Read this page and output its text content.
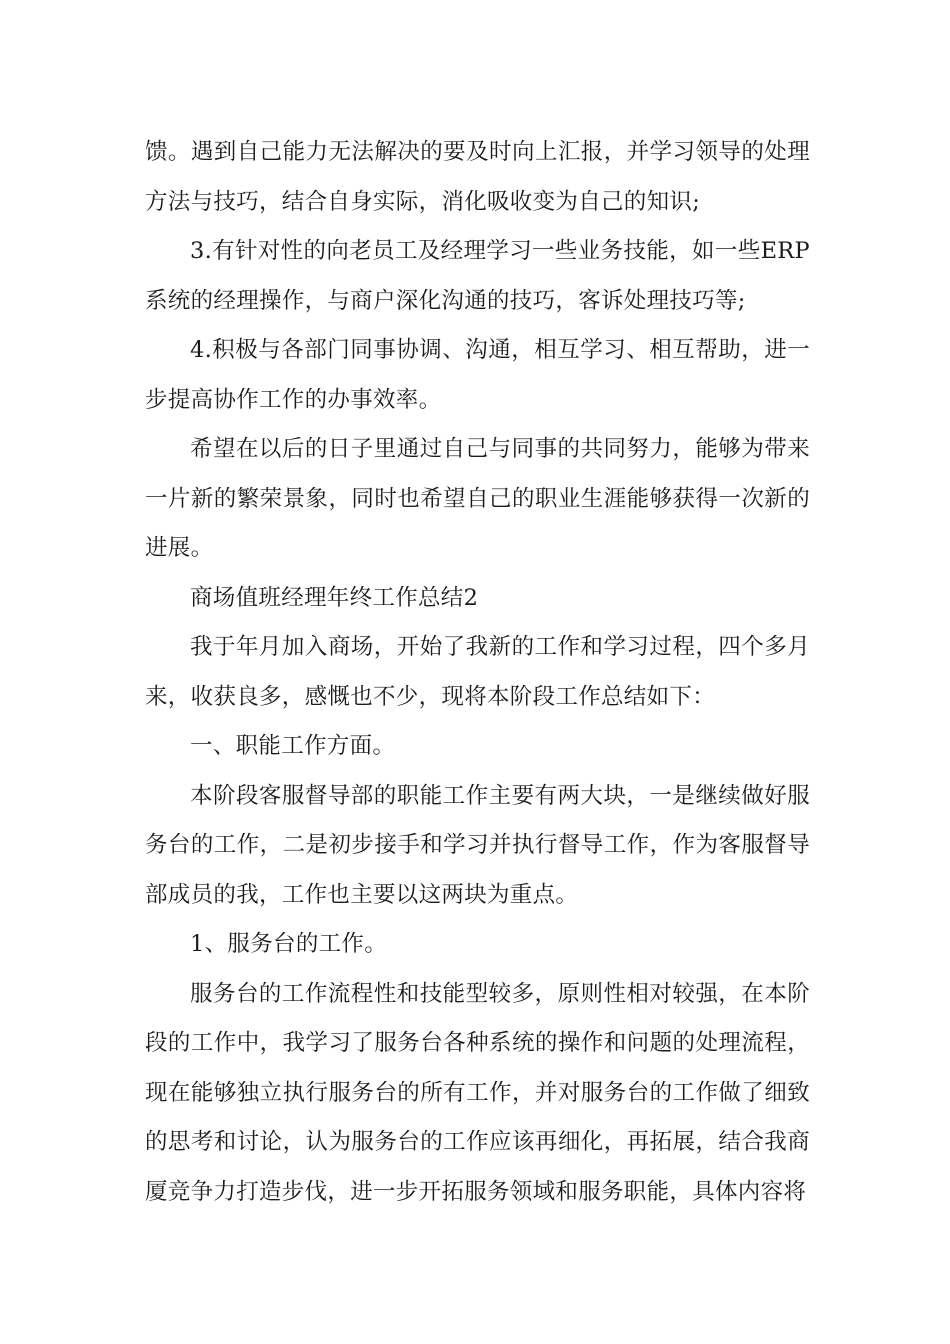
馈。遇到自己能力无法解决的要及时向上汇报，并学习领导的处理方法与技巧，结合自身实际，消化吸收变为自己的知识;

3.有针对性的向老员工及经理学习一些业务技能，如一些ERP系统的经理操作，与商户深化沟通的技巧，客诉处理技巧等;

4.积极与各部门同事协调、沟通，相互学习、相互帮助，进一步提高协作工作的办事效率。

希望在以后的日子里通过自己与同事的共同努力，能够为带来一片新的繁荣景象，同时也希望自己的职业生涯能够获得一次新的进展。

商场值班经理年终工作总结2

我于年月加入商场，开始了我新的工作和学习过程，四个多月来，收获良多，感慨也不少，现将本阶段工作总结如下：

一、职能工作方面。

本阶段客服督导部的职能工作主要有两大块，一是继续做好服务台的工作，二是初步接手和学习并执行督导工作，作为客服督导部成员的我，工作也主要以这两块为重点。

1、服务台的工作。

服务台的工作流程性和技能型较多，原则性相对较强，在本阶段的工作中，我学习了服务台各种系统的操作和问题的处理流程，现在能够独立执行服务台的所有工作，并对服务台的工作做了细致的思考和讨论，认为服务台的工作应该再细化，再拓展，结合我商厦竞争力打造步伐，进一步开拓服务领域和服务职能，具体内容将
